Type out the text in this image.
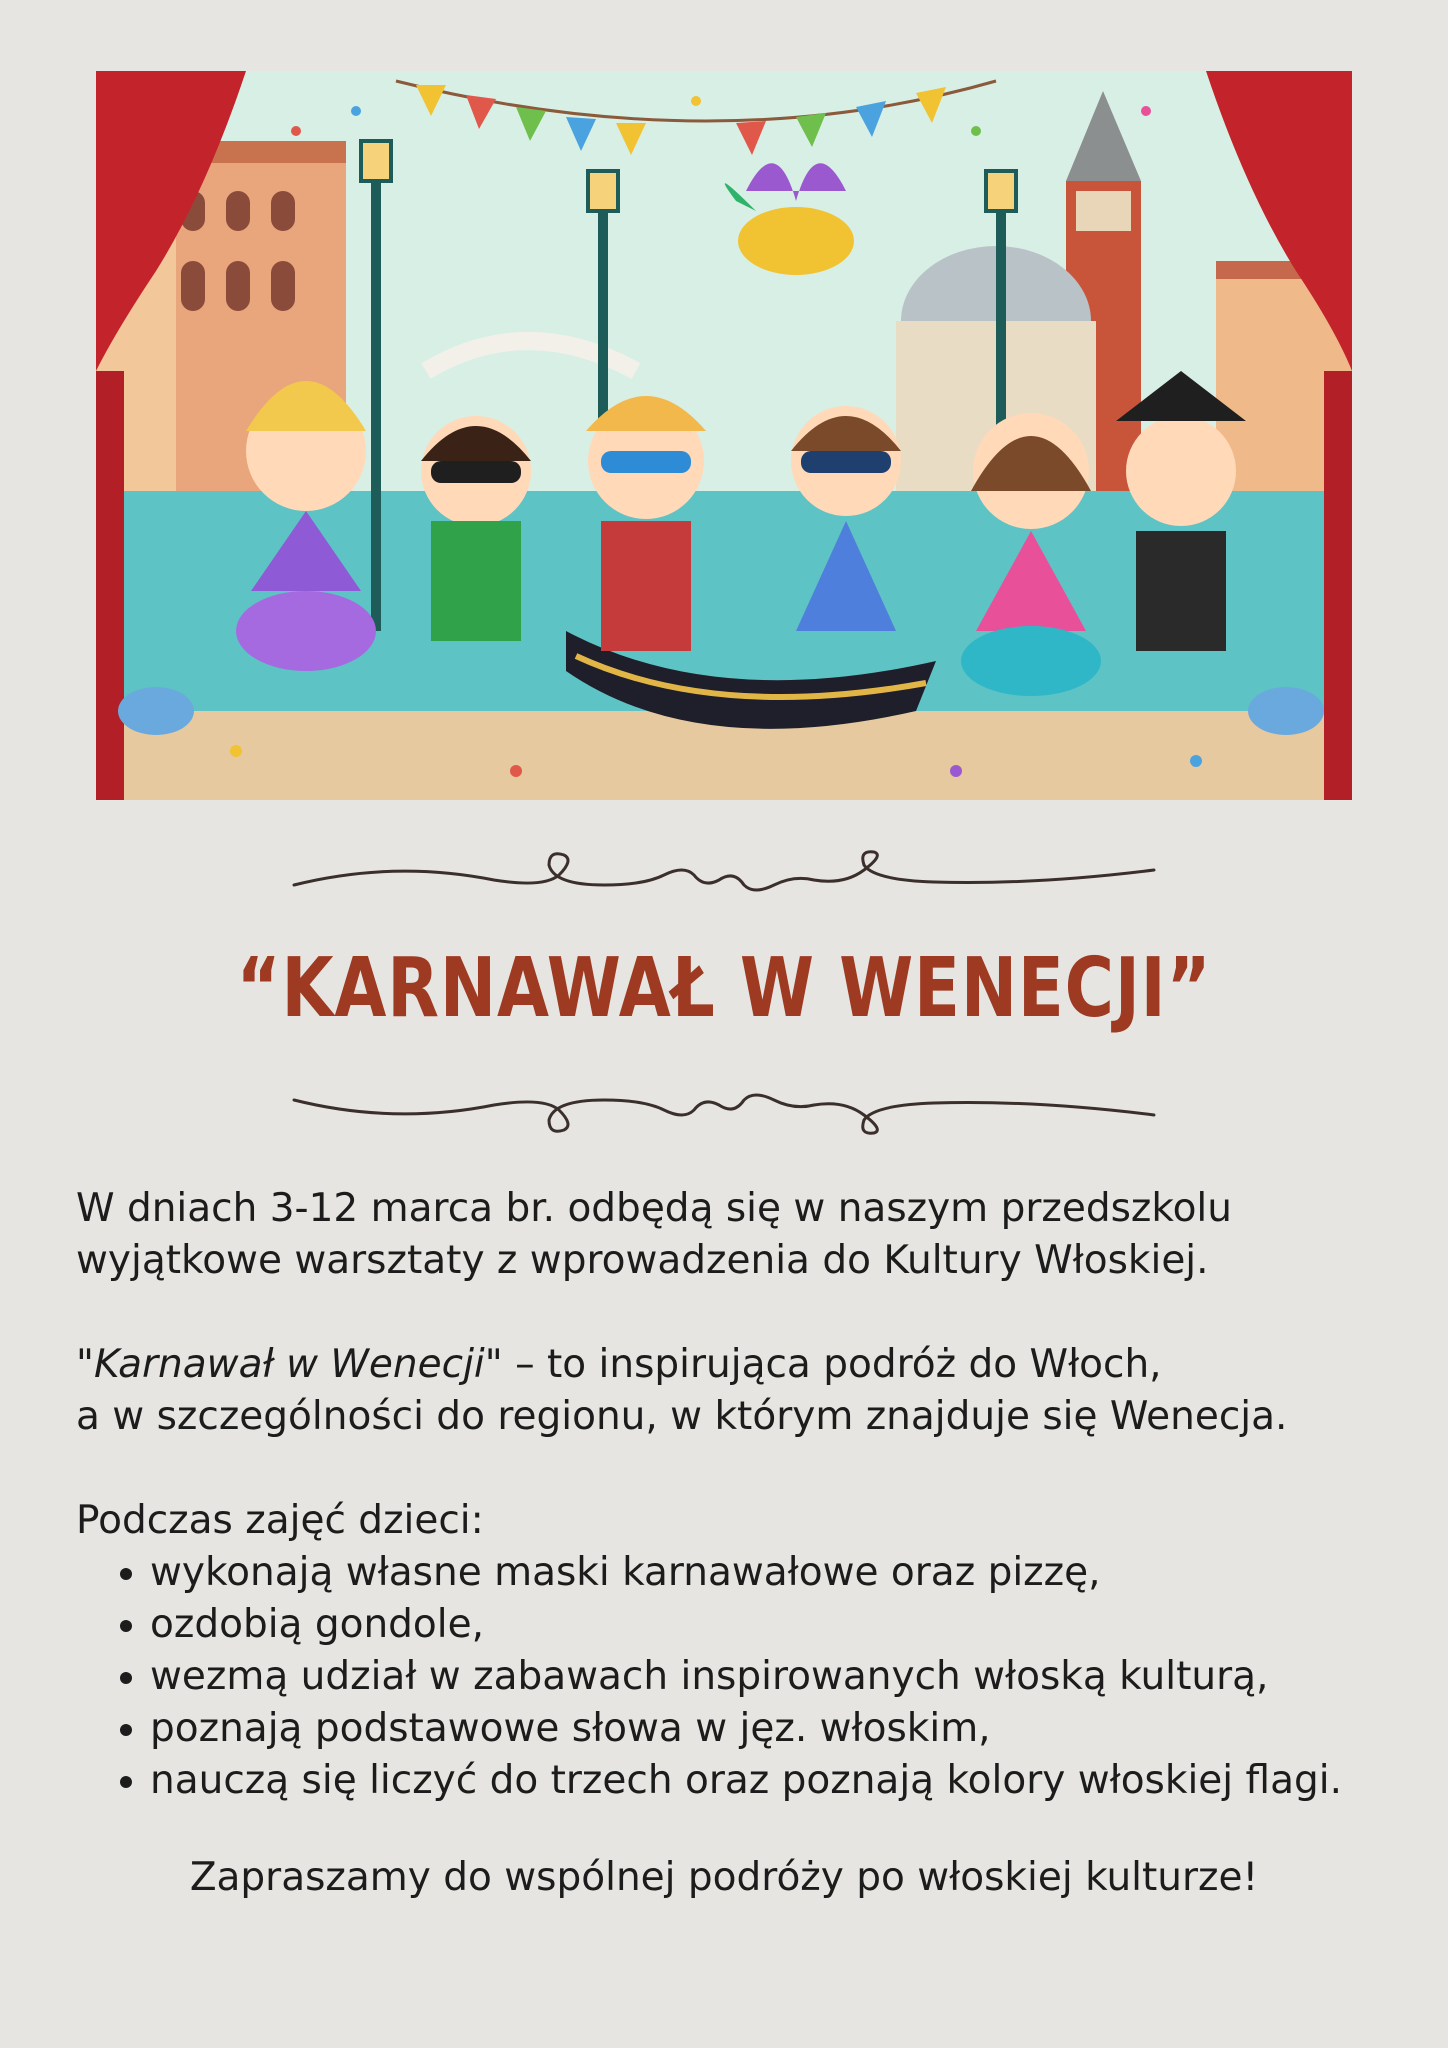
“KARNAWAŁ W WENECJI”

W dniach 3-12 marca br. odbędą się w naszym przedszkolu
wyjątkowe warsztaty z wprowadzenia do Kultury Włoskiej.

"Karnawał w Wenecji" – to inspirująca podróż do Włoch,
a w szczególności do regionu, w którym znajduje się Wenecja.

Podczas zajęć dzieci:
• wykonają własne maski karnawałowe oraz pizzę,
• ozdobią gondole,
• wezmą udział w zabawach inspirowanych włoską kulturą,
• poznają podstawowe słowa w jęz. włoskim,
• nauczą się liczyć do trzech oraz poznają kolory włoskiej flagi.
Zapraszamy do wspólnej podróży po włoskiej kulturze!
